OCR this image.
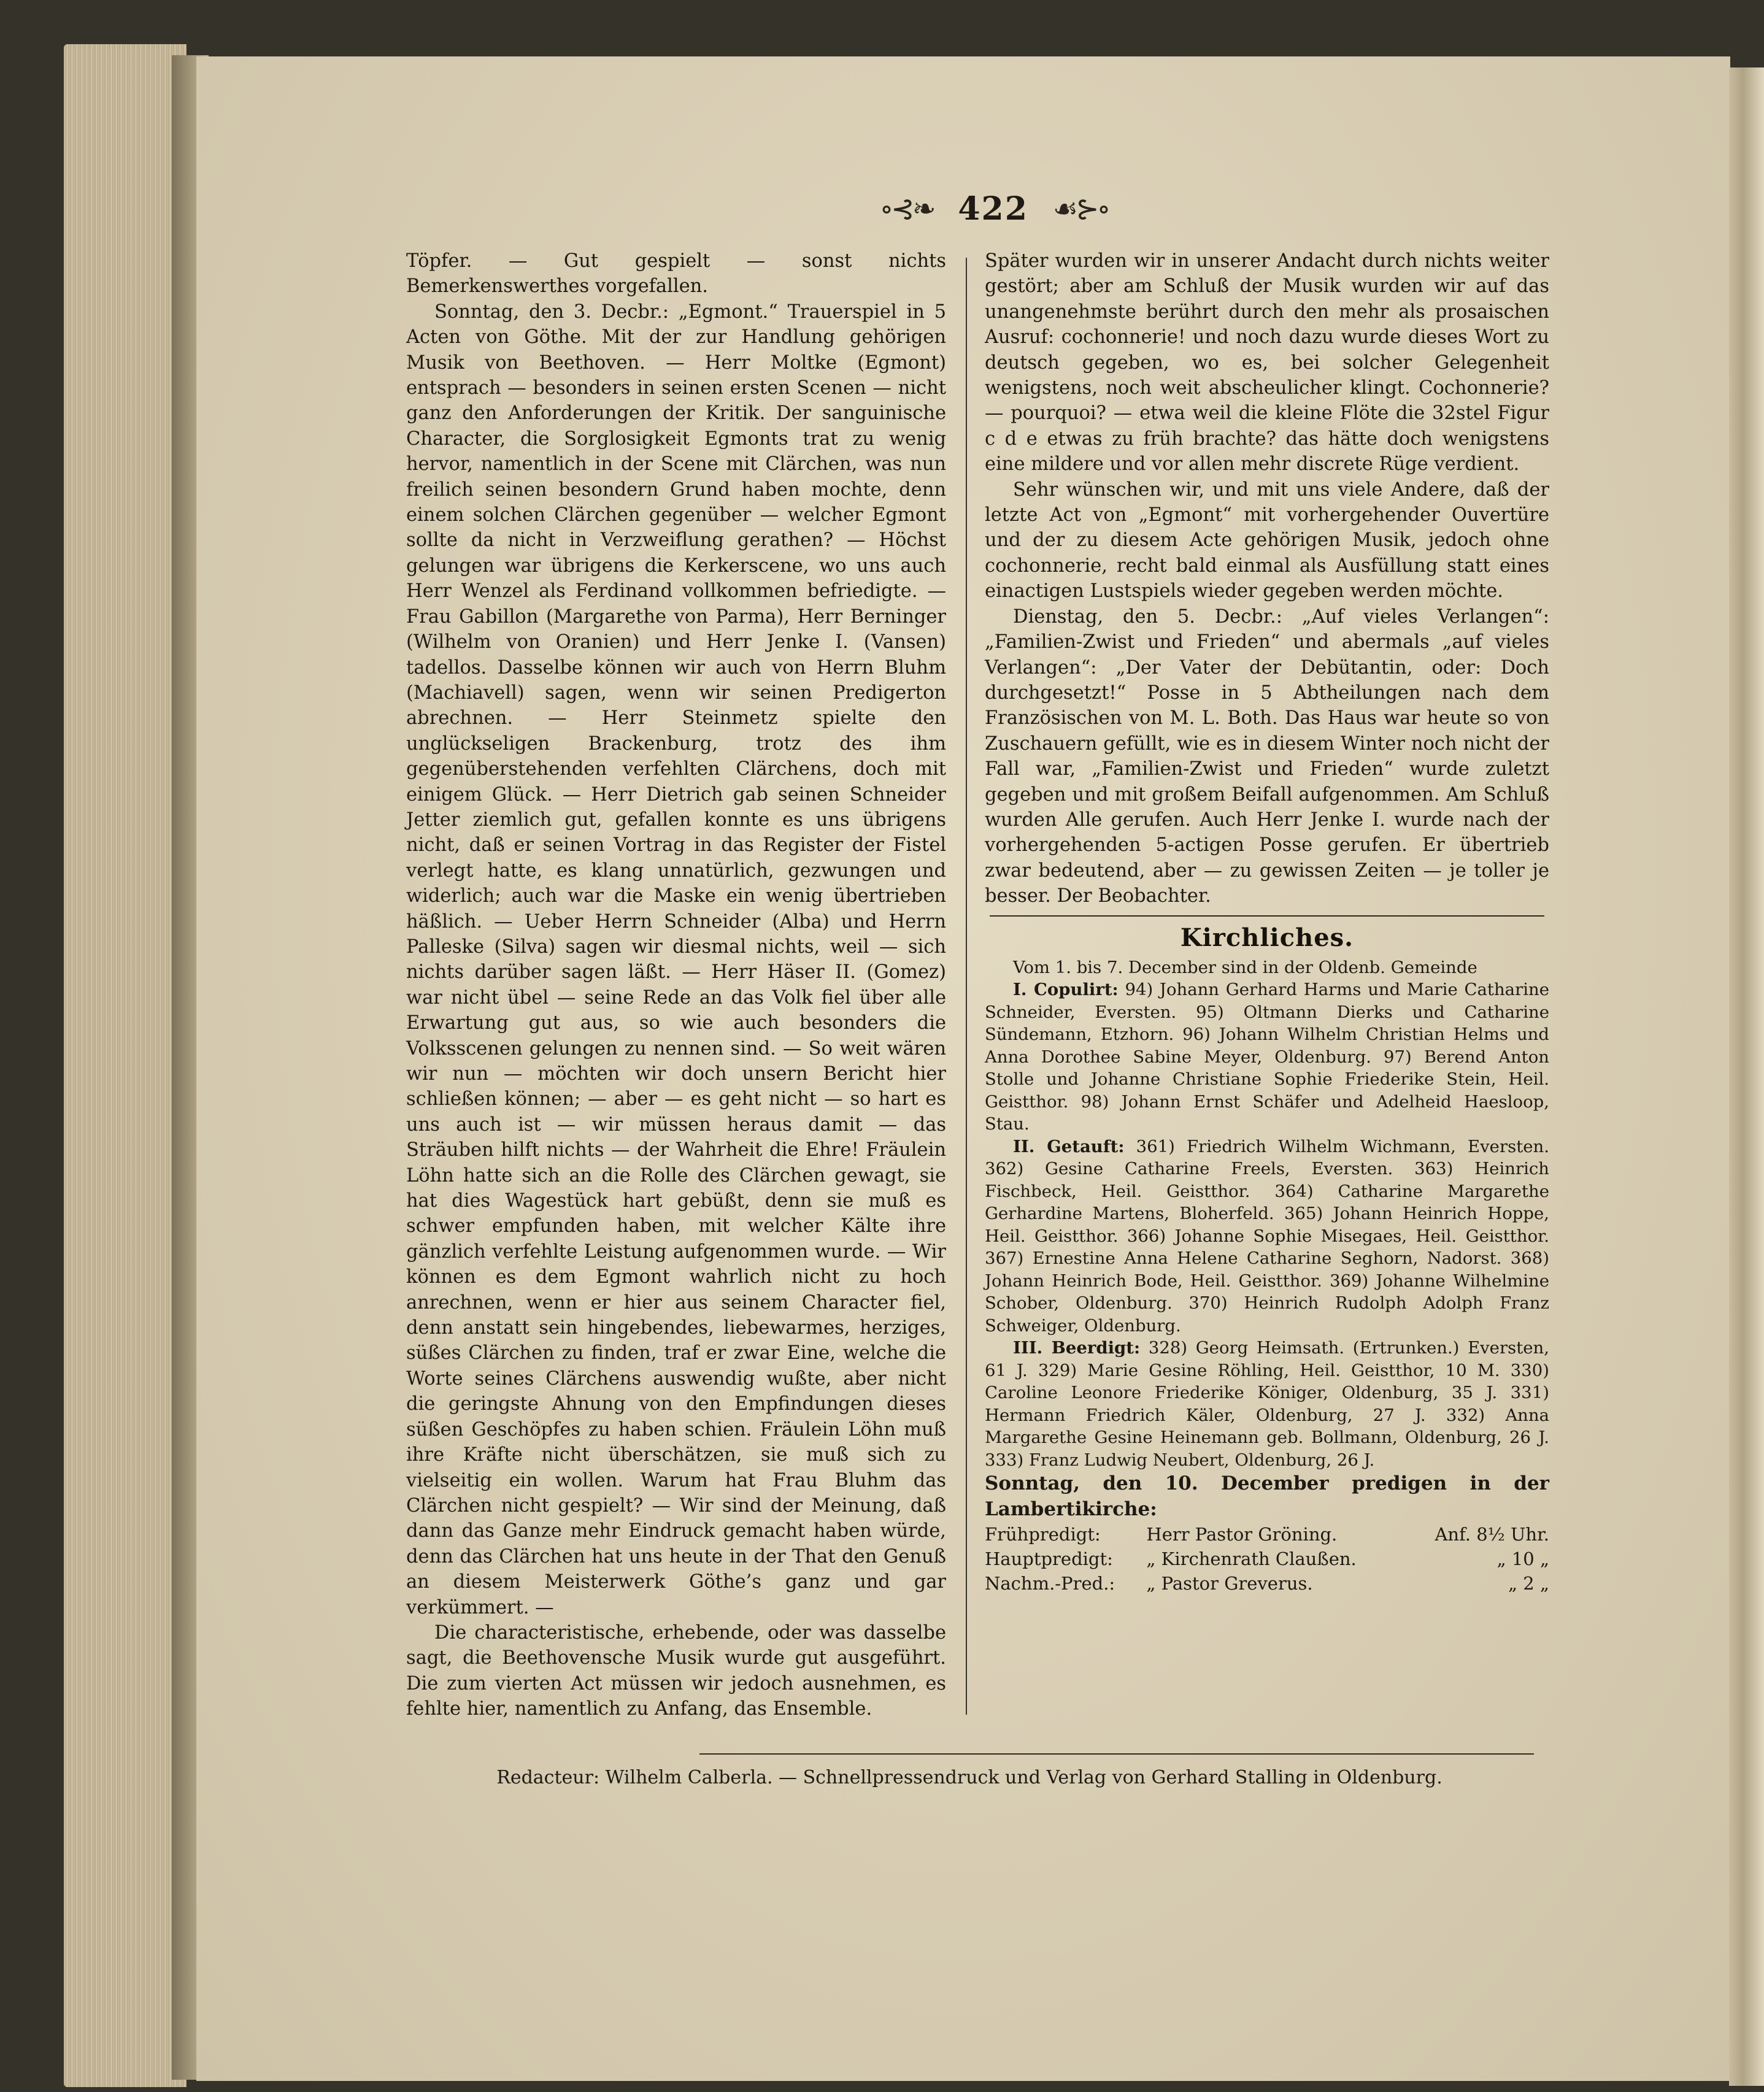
∘⊰❧ 422 ☙⊱∘

Töpfer. — Gut gespielt — sonst nichts Bemerkenswerthes vorgefallen.

Sonntag, den 3. Decbr.: „Egmont.“ Trauerspiel in 5 Acten von Göthe. Mit der zur Handlung gehörigen Musik von Beethoven. — Herr Moltke (Egmont) entsprach — besonders in seinen ersten Scenen — nicht ganz den Anforderungen der Kritik. Der sanguinische Character, die Sorglosigkeit Egmonts trat zu wenig hervor, namentlich in der Scene mit Clärchen, was nun freilich seinen besondern Grund haben mochte, denn einem solchen Clärchen gegenüber — welcher Egmont sollte da nicht in Verzweiflung gerathen? — Höchst gelungen war übrigens die Kerkerscene, wo uns auch Herr Wenzel als Ferdinand vollkommen befriedigte. — Frau Gabillon (Margarethe von Parma), Herr Berninger (Wilhelm von Oranien) und Herr Jenke I. (Vansen) tadellos. Dasselbe können wir auch von Herrn Bluhm (Machiavell) sagen, wenn wir seinen Predigerton abrechnen. — Herr Steinmetz spielte den unglückseligen Brackenburg, trotz des ihm gegenüberstehenden verfehlten Clärchens, doch mit einigem Glück. — Herr Dietrich gab seinen Schneider Jetter ziemlich gut, gefallen konnte es uns übrigens nicht, daß er seinen Vortrag in das Register der Fistel verlegt hatte, es klang unnatürlich, gezwungen und widerlich; auch war die Maske ein wenig übertrieben häßlich. — Ueber Herrn Schneider (Alba) und Herrn Palleske (Silva) sagen wir diesmal nichts, weil — sich nichts darüber sagen läßt. — Herr Häser II. (Gomez) war nicht übel — seine Rede an das Volk fiel über alle Erwartung gut aus, so wie auch besonders die Volksscenen gelungen zu nennen sind. — So weit wären wir nun — möchten wir doch unsern Bericht hier schließen können; — aber — es geht nicht — so hart es uns auch ist — wir müssen heraus damit — das Sträuben hilft nichts — der Wahrheit die Ehre! Fräulein Löhn hatte sich an die Rolle des Clärchen gewagt, sie hat dies Wagestück hart gebüßt, denn sie muß es schwer empfunden haben, mit welcher Kälte ihre gänzlich verfehlte Leistung aufgenommen wurde. — Wir können es dem Egmont wahrlich nicht zu hoch anrechnen, wenn er hier aus seinem Character fiel, denn anstatt sein hingebendes, liebewarmes, herziges, süßes Clärchen zu finden, traf er zwar Eine, welche die Worte seines Clärchens auswendig wußte, aber nicht die geringste Ahnung von den Empfindungen dieses süßen Geschöpfes zu haben schien. Fräulein Löhn muß ihre Kräfte nicht überschätzen, sie muß sich zu vielseitig ein wollen. Warum hat Frau Bluhm das Clärchen nicht gespielt? — Wir sind der Meinung, daß dann das Ganze mehr Eindruck gemacht haben würde, denn das Clärchen hat uns heute in der That den Genuß an diesem Meisterwerk Göthe’s ganz und gar verkümmert. —

Die characteristische, erhebende, oder was dasselbe sagt, die Beethovensche Musik wurde gut ausgeführt. Die zum vierten Act müssen wir jedoch ausnehmen, es fehlte hier, namentlich zu Anfang, das Ensemble.

Später wurden wir in unserer Andacht durch nichts weiter gestört; aber am Schluß der Musik wurden wir auf das unangenehmste berührt durch den mehr als prosaischen Ausruf: cochonnerie! und noch dazu wurde dieses Wort zu deutsch gegeben, wo es, bei solcher Gelegenheit wenigstens, noch weit abscheulicher klingt. Cochonnerie? — pourquoi? — etwa weil die kleine Flöte die 32stel Figur c d e etwas zu früh brachte? das hätte doch wenigstens eine mildere und vor allen mehr discrete Rüge verdient.

Sehr wünschen wir, und mit uns viele Andere, daß der letzte Act von „Egmont“ mit vorhergehender Ouvertüre und der zu diesem Acte gehörigen Musik, jedoch ohne cochonnerie, recht bald einmal als Ausfüllung statt eines einactigen Lustspiels wieder gegeben werden möchte.

Dienstag, den 5. Decbr.: „Auf vieles Verlangen“: „Familien-Zwist und Frieden“ und abermals „auf vieles Verlangen“: „Der Vater der Debütantin, oder: Doch durchgesetzt!“ Posse in 5 Abtheilungen nach dem Französischen von M. L. Both. Das Haus war heute so von Zuschauern gefüllt, wie es in diesem Winter noch nicht der Fall war, „Familien-Zwist und Frieden“ wurde zuletzt gegeben und mit großem Beifall aufgenommen. Am Schluß wurden Alle gerufen. Auch Herr Jenke I. wurde nach der vorhergehenden 5-actigen Posse gerufen. Er übertrieb zwar bedeutend, aber — zu gewissen Zeiten — je toller je besser. Der Beobachter.

Kirchliches.

Vom 1. bis 7. December sind in der Oldenb. Gemeinde

I. Copulirt: 94) Johann Gerhard Harms und Marie Catharine Schneider, Eversten. 95) Oltmann Dierks und Catharine Sündemann, Etzhorn. 96) Johann Wilhelm Christian Helms und Anna Dorothee Sabine Meyer, Oldenburg. 97) Berend Anton Stolle und Johanne Christiane Sophie Friederike Stein, Heil. Geistthor. 98) Johann Ernst Schäfer und Adelheid Haesloop, Stau.

II. Getauft: 361) Friedrich Wilhelm Wichmann, Eversten. 362) Gesine Catharine Freels, Eversten. 363) Heinrich Fischbeck, Heil. Geistthor. 364) Catharine Margarethe Gerhardine Martens, Bloherfeld. 365) Johann Heinrich Hoppe, Heil. Geistthor. 366) Johanne Sophie Misegaes, Heil. Geistthor. 367) Ernestine Anna Helene Catharine Seghorn, Nadorst. 368) Johann Heinrich Bode, Heil. Geistthor. 369) Johanne Wilhelmine Schober, Oldenburg. 370) Heinrich Rudolph Adolph Franz Schweiger, Oldenburg.

III. Beerdigt: 328) Georg Heimsath. (Ertrunken.) Eversten, 61 J. 329) Marie Gesine Röhling, Heil. Geistthor, 10 M. 330) Caroline Leonore Friederike Königer, Oldenburg, 35 J. 331) Hermann Friedrich Käler, Oldenburg, 27 J. 332) Anna Margarethe Gesine Heinemann geb. Bollmann, Oldenburg, 26 J. 333) Franz Ludwig Neubert, Oldenburg, 26 J.

Sonntag, den 10. December predigen in der Lambertikirche:

Frühpredigt:	Herr Pastor Gröning.	Anf. 8½ Uhr.
Hauptpredigt:	„ Kirchenrath Claußen.	„ 10 „
Nachm.-Pred.:	„ Pastor Greverus.	„ 2 „
Redacteur: Wilhelm Calberla. — Schnellpressendruck und Verlag von Gerhard Stalling in Oldenburg.
